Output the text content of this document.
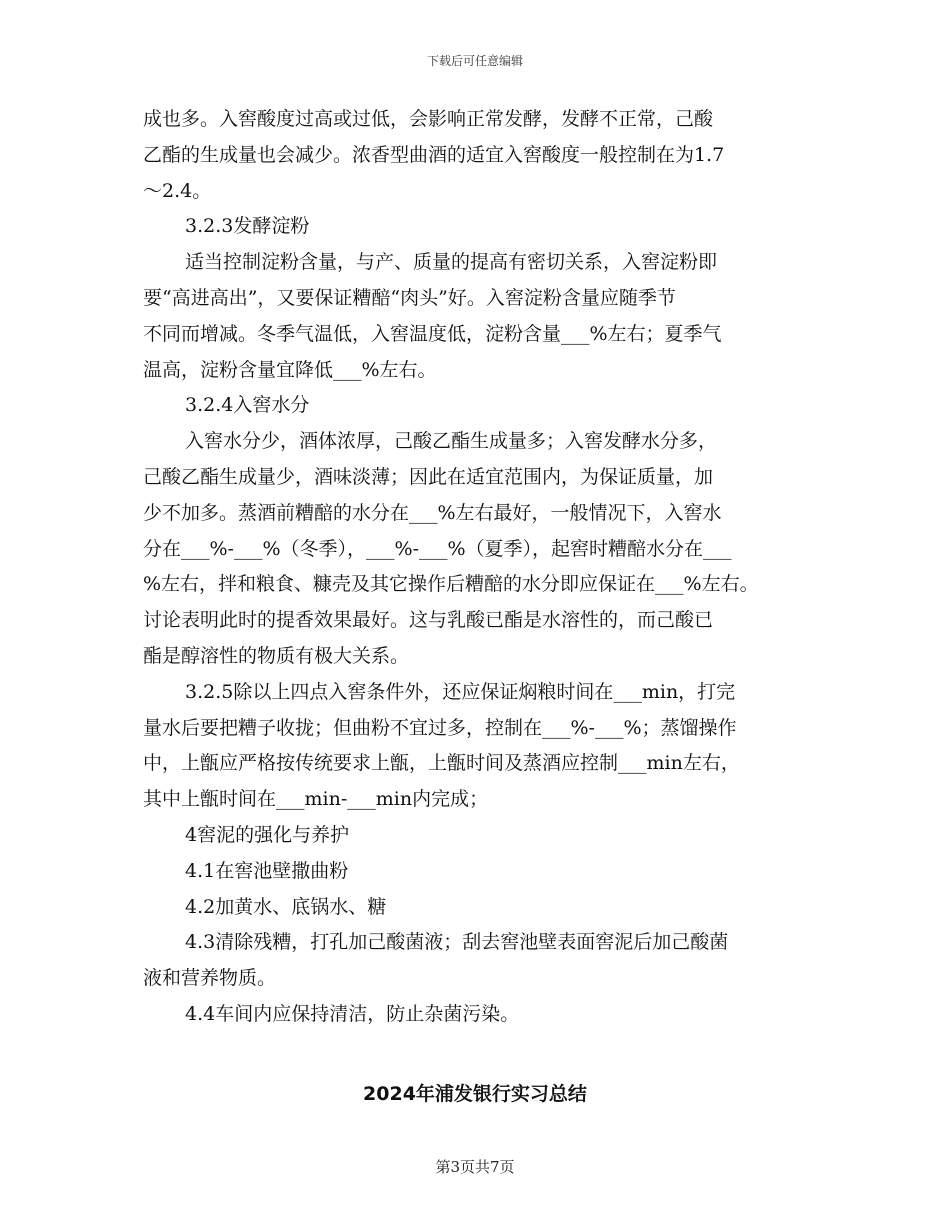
下载后可任意编辑
成也多。入窖酸度过高或过低，会影响正常发酵，发酵不正常，己酸
乙酯的生成量也会减少。浓香型曲酒的适宜入窖酸度一般控制在为1.7
～2.4。
3.2.3发酵淀粉
适当控制淀粉含量，与产、质量的提高有密切关系，入窖淀粉即
要“高进高出”，又要保证糟醅“肉头”好。入窖淀粉含量应随季节
不同而增减。冬季气温低，入窖温度低，淀粉含量___%左右；夏季气
温高，淀粉含量宜降低___%左右。
3.2.4入窖水分
入窖水分少，酒体浓厚，己酸乙酯生成量多；入窖发酵水分多，
己酸乙酯生成量少，酒味淡薄；因此在适宜范围内，为保证质量，加
少不加多。蒸酒前糟醅的水分在___%左右最好，一般情况下，入窖水
分在___%-___%（冬季），___%-___%（夏季），起窖时糟醅水分在___
%左右，拌和粮食、糠壳及其它操作后糟醅的水分即应保证在___%左右。
讨论表明此时的提香效果最好。这与乳酸已酯是水溶性的，而己酸已
酯是醇溶性的物质有极大关系。
3.2.5除以上四点入窖条件外，还应保证焖粮时间在___min，打完
量水后要把糟子收拢；但曲粉不宜过多，控制在___%-___%；蒸馏操作
中，上甑应严格按传统要求上甑，上甑时间及蒸酒应控制___min左右，
其中上甑时间在___min-___min内完成；
4窖泥的强化与养护
4.1在窖池壁撒曲粉
4.2加黄水、底锅水、糖
4.3清除残糟，打孔加己酸菌液；刮去窖池壁表面窖泥后加己酸菌
液和营养物质。
4.4车间内应保持清洁，防止杂菌污染。
2024年浦发银行实习总结
第3页共7页
